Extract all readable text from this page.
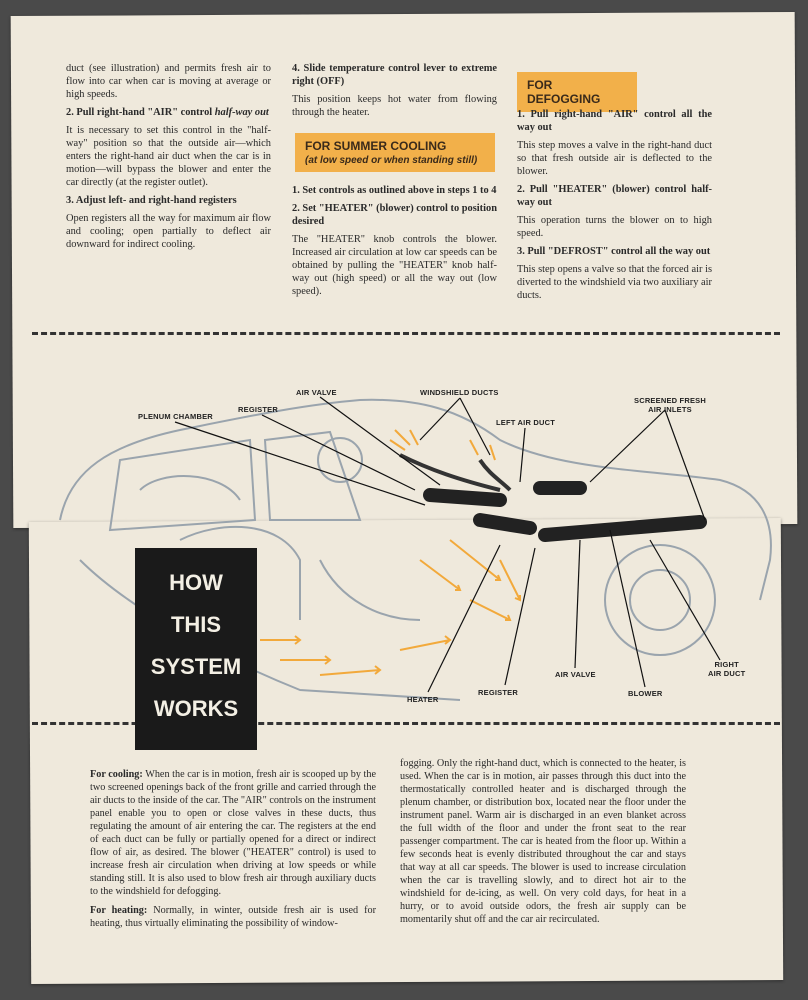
duct (see illustration) and permits fresh air to flow into car when car is moving at average or high speeds.

2. Pull right-hand "AIR" control half-way out

It is necessary to set this control in the "half-way" position so that the outside air—which enters the right-hand air duct when the car is in motion—will bypass the blower and enter the car directly (at the register outlet).

3. Adjust left- and right-hand registers

Open registers all the way for maximum air flow and cooling; open partially to deflect air downward for indirect cooling.

4. Slide temperature control lever to extreme right (OFF)

This position keeps hot water from flowing through the heater.

FOR SUMMER COOLING
(at low speed or when standing still)

1. Set controls as outlined above in steps 1 to 4

2. Set "HEATER" (blower) control to position desired

The "HEATER" knob controls the blower. Increased air circulation at low car speeds can be obtained by pulling the "HEATER" knob half-way out (high speed) or all the way out (low speed).

FOR DEFOGGING

1. Pull right-hand "AIR" control all the way out

This step moves a valve in the right-hand duct so that fresh outside air is deflected to the blower.

2. Pull "HEATER" (blower) control half-way out

This operation turns the blower on to high speed.

3. Pull "DEFROST" control all the way out

This step opens a valve so that the forced air is diverted to the windshield via two auxiliary air ducts.

PLENUM CHAMBER
REGISTER
AIR VALVE	WINDSHIELD DUCTS
LEFT AIR DUCT
SCREENED FRESH
AIR INLETS
HEATER
REGISTER
AIR VALVE
BLOWER
RIGHT
AIR DUCT
HOW
THIS
SYSTEM
WORKS

For cooling: When the car is in motion, fresh air is scooped up by the two screened openings back of the front grille and carried through the air ducts to the inside of the car. The "AIR" controls on the instrument panel enable you to open or close valves in these ducts, thus regulating the amount of air entering the car. The registers at the end of each duct can be fully or partially opened for a direct or indirect flow of air, as desired. The blower ("HEATER" control) is used to increase fresh air circulation when driving at low speeds or while standing still. It is also used to blow fresh air through auxiliary ducts to the windshield for defogging.

For heating: Normally, in winter, outside fresh air is used for heating, thus virtually eliminating the possibility of window-

fogging. Only the right-hand duct, which is connected to the heater, is used. When the car is in motion, air passes through this duct into the thermostatically controlled heater and is discharged through the plenum chamber, or distribution box, located near the floor under the instrument panel. Warm air is discharged in an even blanket across the full width of the floor and under the front seat to the rear passenger compartment. The car is heated from the floor up. Within a few seconds heat is evenly distributed throughout the car and stays that way at all car speeds. The blower is used to increase circulation when the car is travelling slowly, and to direct hot air to the windshield for de-icing, as well. On very cold days, for heat in a hurry, or to avoid outside odors, the fresh air supply can be momentarily shut off and the car air recirculated.
